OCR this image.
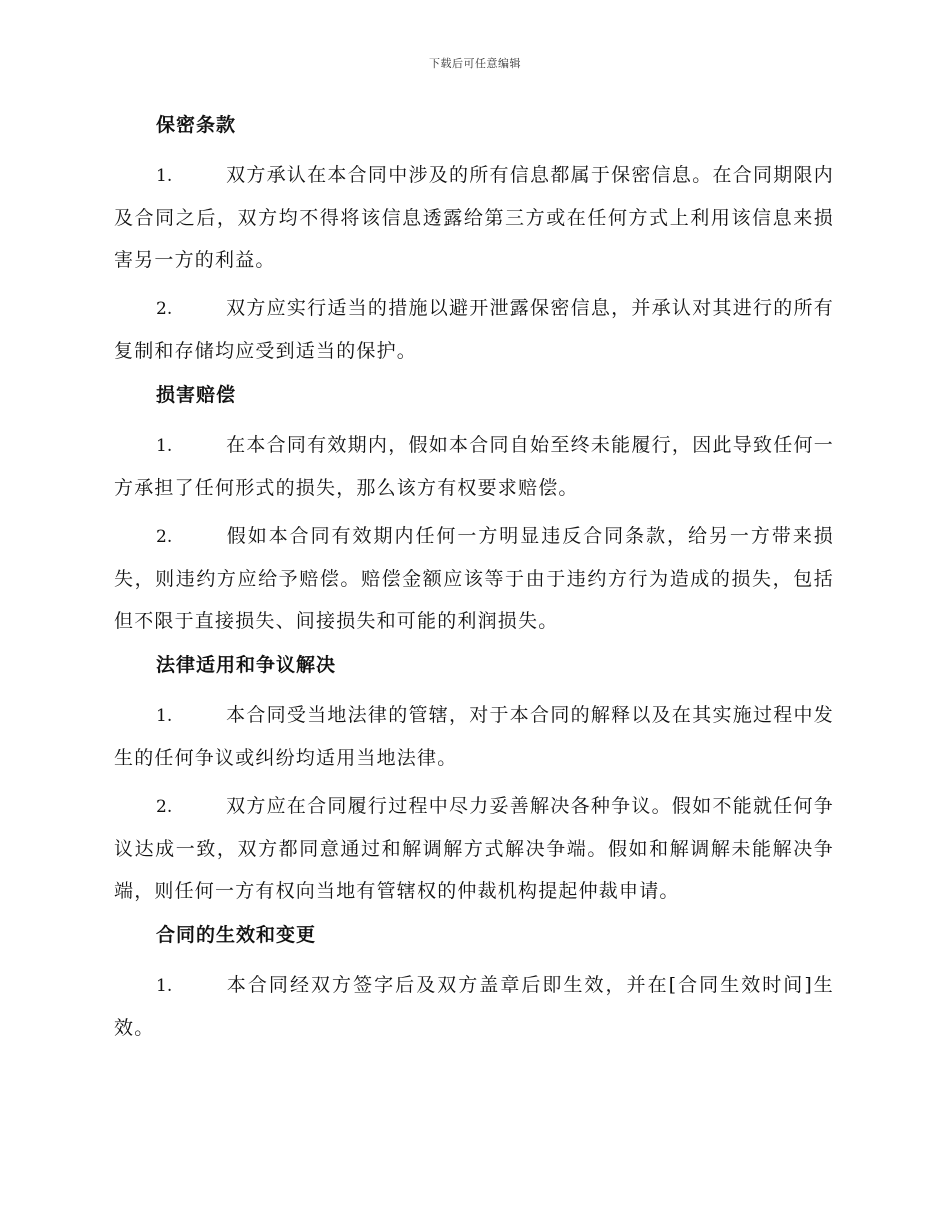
下载后可任意编辑
保密条款

1.	双方承认在本合同中涉及的所有信息都属于保密信息。在合同期限内及合同之后，双方均不得将该信息透露给第三方或在任何方式上利用该信息来损害另一方的利益。

2.	双方应实行适当的措施以避开泄露保密信息，并承认对其进行的所有复制和存储均应受到适当的保护。

损害赔偿

1.	在本合同有效期内，假如本合同自始至终未能履行，因此导致任何一方承担了任何形式的损失，那么该方有权要求赔偿。

2.	假如本合同有效期内任何一方明显违反合同条款，给另一方带来损失，则违约方应给予赔偿。赔偿金额应该等于由于违约方行为造成的损失，包括但不限于直接损失、间接损失和可能的利润损失。

法律适用和争议解决

1.	本合同受当地法律的管辖，对于本合同的解释以及在其实施过程中发生的任何争议或纠纷均适用当地法律。

2.	双方应在合同履行过程中尽力妥善解决各种争议。假如不能就任何争议达成一致，双方都同意通过和解调解方式解决争端。假如和解调解未能解决争端，则任何一方有权向当地有管辖权的仲裁机构提起仲裁申请。

合同的生效和变更

1.	本合同经双方签字后及双方盖章后即生效，并在[合同生效时间]生效。
